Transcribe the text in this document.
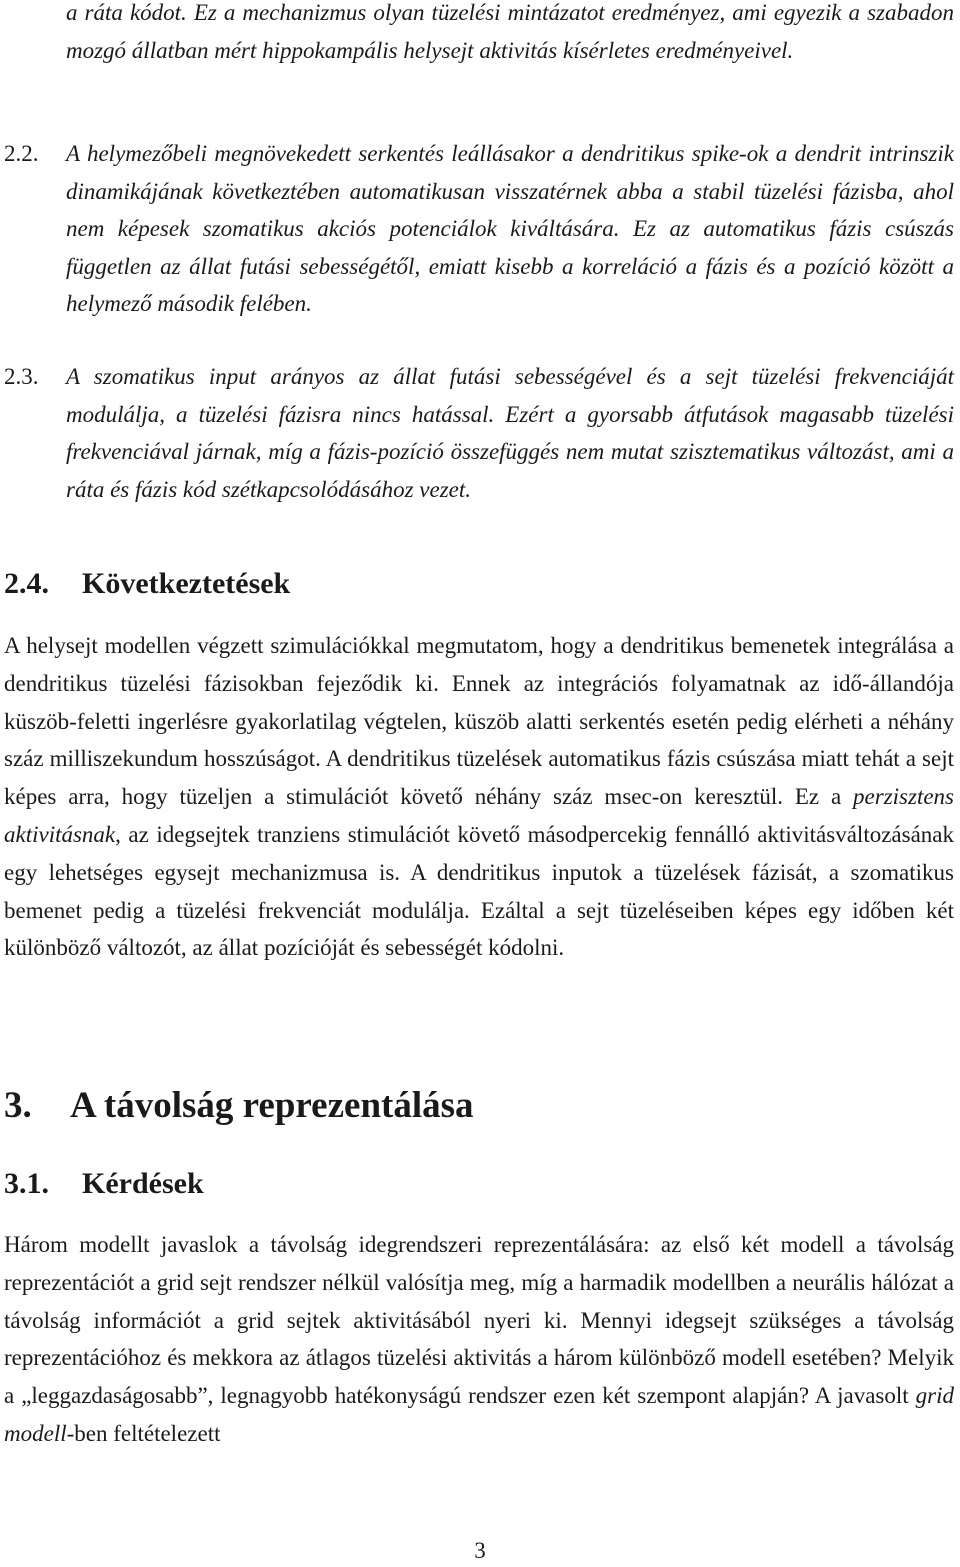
a ráta kódot. Ez a mechanizmus olyan tüzelési mintázatot eredményez, ami egyezik a szabadon mozgó állatban mért hippokampális helysejt aktivitás kísérletes eredményeivel.

2.2. A helymezőbeli megnövekedett serkentés leállásakor a dendritikus spike-ok a dendrit intrinszik dinamikájának következtében automatikusan visszatérnek abba a stabil tüzelési fázisba, ahol nem képesek szomatikus akciós potenciálok kiváltására. Ez az automatikus fázis csúszás független az állat futási sebességétől, emiatt kisebb a korreláció a fázis és a pozíció között a helymező második felében.
2.3. A szomatikus input arányos az állat futási sebességével és a sejt tüzelési frekvenciáját modulálja, a tüzelési fázisra nincs hatással. Ezért a gyorsabb átfutások magasabb tüzelési frekvenciával járnak, míg a fázis-pozíció összefüggés nem mutat szisztematikus változást, ami a ráta és fázis kód szétkapcsolódásához vezet.
2.4. Következtetések

A helysejt modellen végzett szimulációkkal megmutatom, hogy a dendritikus bemenetek integrálása a dendritikus tüzelési fázisokban fejeződik ki. Ennek az integrációs folyamatnak az idő-állandója küszöb-feletti ingerlésre gyakorlatilag végtelen, küszöb alatti serkentés esetén pedig elérheti a néhány száz milliszekundum hosszúságot. A dendritikus tüzelések automatikus fázis csúszása miatt tehát a sejt képes arra, hogy tüzeljen a stimulációt követő néhány száz msec-on keresztül. Ez a perzisztens aktivitásnak, az idegsejtek tranziens stimulációt követő másodpercekig fennálló aktivitásváltozásának egy lehetséges egysejt mechanizmusa is. A dendritikus inputok a tüzelések fázisát, a szomatikus bemenet pedig a tüzelési frekvenciát modulálja. Ezáltal a sejt tüzeléseiben képes egy időben két különböző változót, az állat pozícióját és sebességét kódolni.

3. A távolság reprezentálása
3.1. Kérdések

Három modellt javaslok a távolság idegrendszeri reprezentálására: az első két modell a távolság reprezentációt a grid sejt rendszer nélkül valósítja meg, míg a harmadik modellben a neurális hálózat a távolság információt a grid sejtek aktivitásából nyeri ki. Mennyi idegsejt szükséges a távolság reprezentációhoz és mekkora az átlagos tüzelési aktivitás a három különböző modell esetében? Melyik a „leggazdaságosabb”, legnagyobb hatékonyságú rendszer ezen két szempont alapján? A javasolt grid modell-ben feltételezett

3
